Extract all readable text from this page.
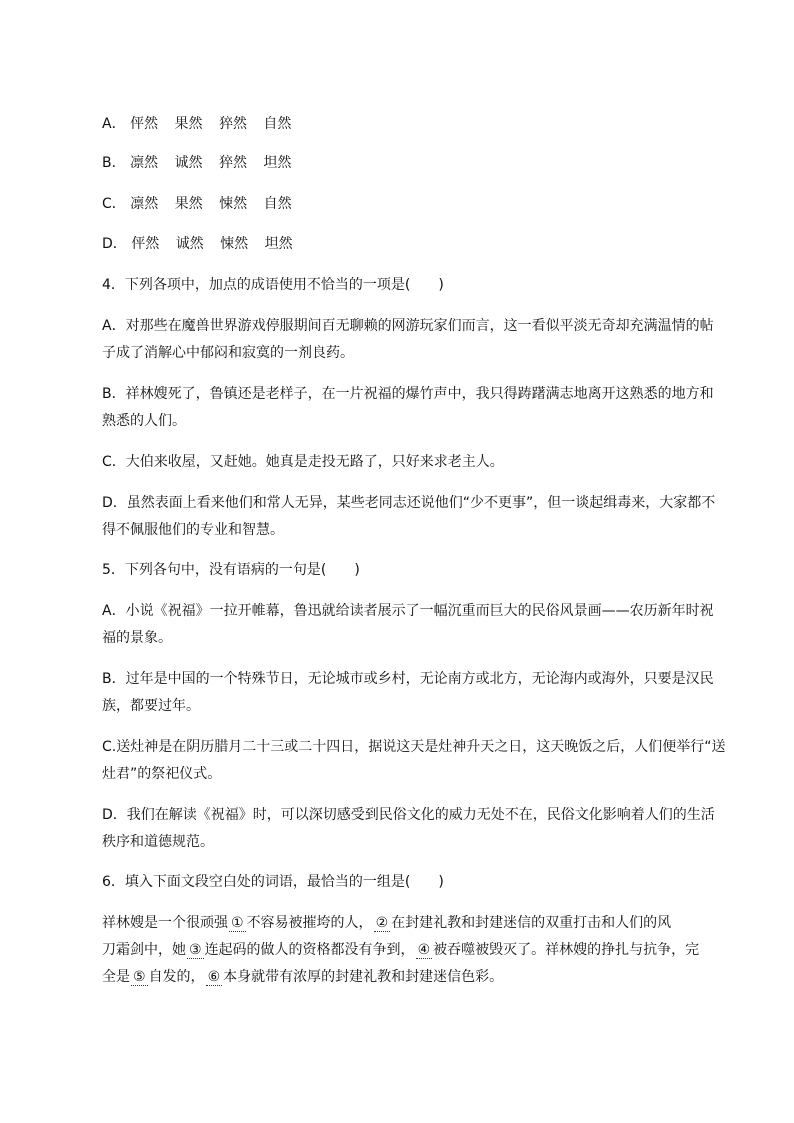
A． 伻然 果然 猝然 自然
B． 凛然 诚然 猝然 坦然
C． 凛然 果然 悚然 自然
D． 伻然 诚然 悚然 坦然
4．下列各项中，加点的成语使用不恰当的一项是(　　)
A．对那些在魔兽世界游戏停服期间百无聊赖的网游玩家们而言，这一看似平淡无奇却充满温情的帖
子成了消解心中郁闷和寂寞的一剂良药。
B．祥林嫂死了，鲁镇还是老样子，在一片祝福的爆竹声中，我只得踌躇满志地离开这熟悉的地方和
熟悉的人们。
C．大伯来收屋，又赶她。她真是走投无路了，只好来求老主人。
D．虽然表面上看来他们和常人无异，某些老同志还说他们“少不更事”，但一谈起缉毒来，大家都不
得不佩服他们的专业和智慧。
5．下列各句中，没有语病的一句是(　　)
A．小说《祝福》一拉开帷幕，鲁迅就给读者展示了一幅沉重而巨大的民俗风景画——农历新年时祝
福的景象。
B．过年是中国的一个特殊节日，无论城市或乡村，无论南方或北方，无论海内或海外，只要是汉民
族，都要过年。
C.送灶神是在阴历腊月二十三或二十四日，据说这天是灶神升天之日，这天晚饭之后，人们便举行“送
灶君”的祭祀仪式。
D．我们在解读《祝福》时，可以深切感受到民俗文化的威力无处不在，民俗文化影响着人们的生活
秩序和道德规范。
6．填入下面文段空白处的词语，最恰当的一组是(　　)
祥林嫂是一个很顽强 ① 不容易被摧垮的人， ② 在封建礼教和封建迷信的双重打击和人们的风
刀霜剑中，她 ③ 连起码的做人的资格都没有争到， ④ 被吞噬被毁灭了。祥林嫂的挣扎与抗争，完
全是 ⑤ 自发的， ⑥ 本身就带有浓厚的封建礼教和封建迷信色彩。
